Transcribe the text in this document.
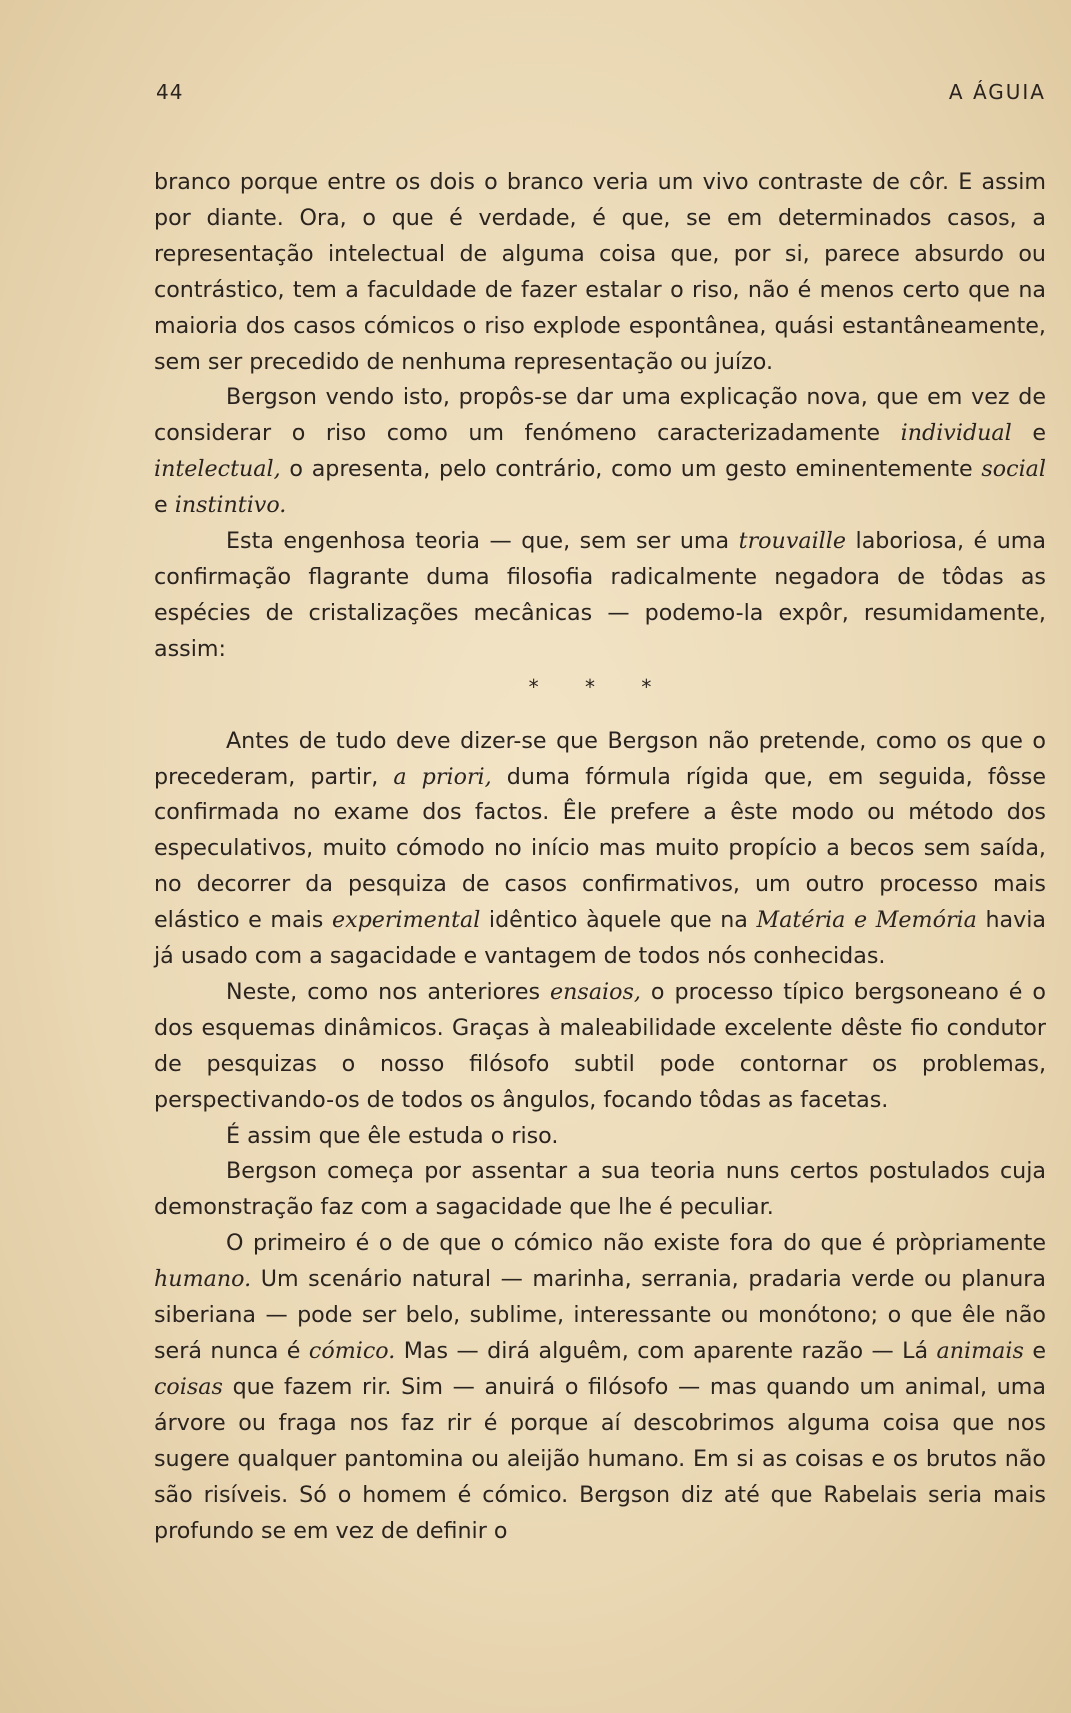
44	A ÁGUIA

branco porque entre os dois o branco veria um vivo contraste de côr. E assim por diante. Ora, o que é verdade, é que, se em determinados casos, a representação intelectual de alguma coisa que, por si, parece absurdo ou contrástico, tem a faculdade de fazer estalar o riso, não é menos certo que na maioria dos casos cómicos o riso explode espontânea, quási estantâneamente, sem ser precedido de nenhuma representação ou juízo.

Bergson vendo isto, propôs-se dar uma explicação nova, que em vez de considerar o riso como um fenómeno caracterizadamente individual e intelectual, o apresenta, pelo contrário, como um gesto eminentemente social e instintivo.

Esta engenhosa teoria — que, sem ser uma trouvaille laboriosa, é uma confirmação flagrante duma filosofia radicalmente negadora de tôdas as espécies de cristalizações mecânicas — podemo-la expôr, resumidamente, assim:

* * *

Antes de tudo deve dizer-se que Bergson não pretende, como os que o precederam, partir, a priori, duma fórmula rígida que, em seguida, fôsse confirmada no exame dos factos. Êle prefere a êste modo ou método dos especulativos, muito cómodo no início mas muito propício a becos sem saída, no decorrer da pesquiza de casos confirmativos, um outro processo mais elástico e mais experimental idêntico àquele que na Matéria e Memória havia já usado com a sagacidade e vantagem de todos nós conhecidas.

Neste, como nos anteriores ensaios, o processo típico bergsoneano é o dos esquemas dinâmicos. Graças à maleabilidade excelente dêste fio condutor de pesquizas o nosso filósofo subtil pode contornar os problemas, perspectivando-os de todos os ângulos, focando tôdas as facetas.

É assim que êle estuda o riso.

Bergson começa por assentar a sua teoria nuns certos postulados cuja demonstração faz com a sagacidade que lhe é peculiar.

O primeiro é o de que o cómico não existe fora do que é pròpriamente humano. Um scenário natural — marinha, serrania, pradaria verde ou planura siberiana — pode ser belo, sublime, interessante ou monótono; o que êle não será nunca é cómico. Mas — dirá alguêm, com aparente razão — Lá animais e coisas que fazem rir. Sim — anuirá o filósofo — mas quando um animal, uma árvore ou fraga nos faz rir é porque aí descobrimos alguma coisa que nos sugere qualquer pantomina ou aleijão humano. Em si as coisas e os brutos não são risíveis. Só o homem é cómico. Bergson diz até que Rabelais seria mais profundo se em vez de definir o
